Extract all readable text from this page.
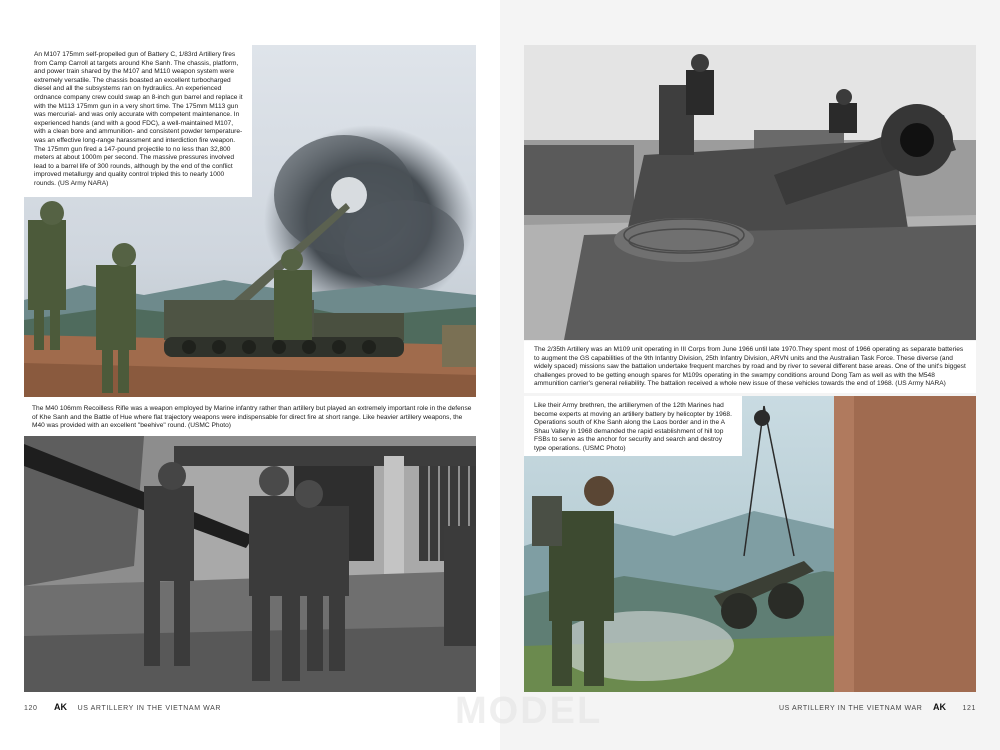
An M107 175mm self-propelled gun of Battery C, 1/83rd Artillery fires from Camp Carroll at targets around Khe Sanh. The chassis, platform, and power train shared by the M107 and M110 weapon system were extremely versatile. The chassis boasted an excellent turbocharged diesel and all the subsystems ran on hydraulics. An experienced ordnance company crew could swap an 8-inch gun barrel and replace it with the M113 175mm gun in a very short time. The 175mm M113 gun was mercurial- and was only accurate with competent maintenance. In experienced hands (and with a good FDC), a well-maintained M107, with a clean bore and ammunition- and consistent powder temperature- was an effective long-range harassment and interdiction fire weapon. The 175mm gun fired a 147-pound projectile to no less than 32,800 meters at about 1000m per second. The massive pressures involved lead to a barrel life of 300 rounds, although by the end of the conflict improved metallurgy and quality control tripled this to nearly 1000 rounds. (US Army NARA)

The M40 106mm Recoilless Rifle was a weapon employed by Marine infantry rather than artillery but played an extremely important role in the defense of Khe Sanh and the Battle of Hue where flat trajectory weapons were indispensable for direct fire at short range. Like heavier artillery weapons, the M40 was provided with an excellent "beehive" round. (USMC Photo)

120 AK US ARTILLERY IN THE VIETNAM WAR

The 2/35th Artillery was an M109 unit operating in III Corps from June 1966 until late 1970.They spent most of 1966 operating as separate batteries to augment the GS capabilities of the 9th Infantry Division, 25th Infantry Division, ARVN units and the Australian Task Force. These diverse (and widely spaced) missions saw the battalion undertake frequent marches by road and by river to several different base areas. One of the unit's biggest challenges proved to be getting enough spares for M109s operating in the swampy conditions around Dong Tam as well as with the M548 ammunition carrier's general reliability. The battalion received a whole new issue of these vehicles towards the end of 1968. (US Army NARA)

Like their Army brethren, the artillerymen of the 12th Marines had become experts at moving an artillery battery by helicopter by 1968. Operations south of Khe Sanh along the Laos border and in the A Shau Valley in 1968 demanded the rapid establishment of hill top FSBs to serve as the anchor for security and search and destroy type operations. (USMC Photo)

US ARTILLERY IN THE VIETNAM WAR AK 121
MODEL
